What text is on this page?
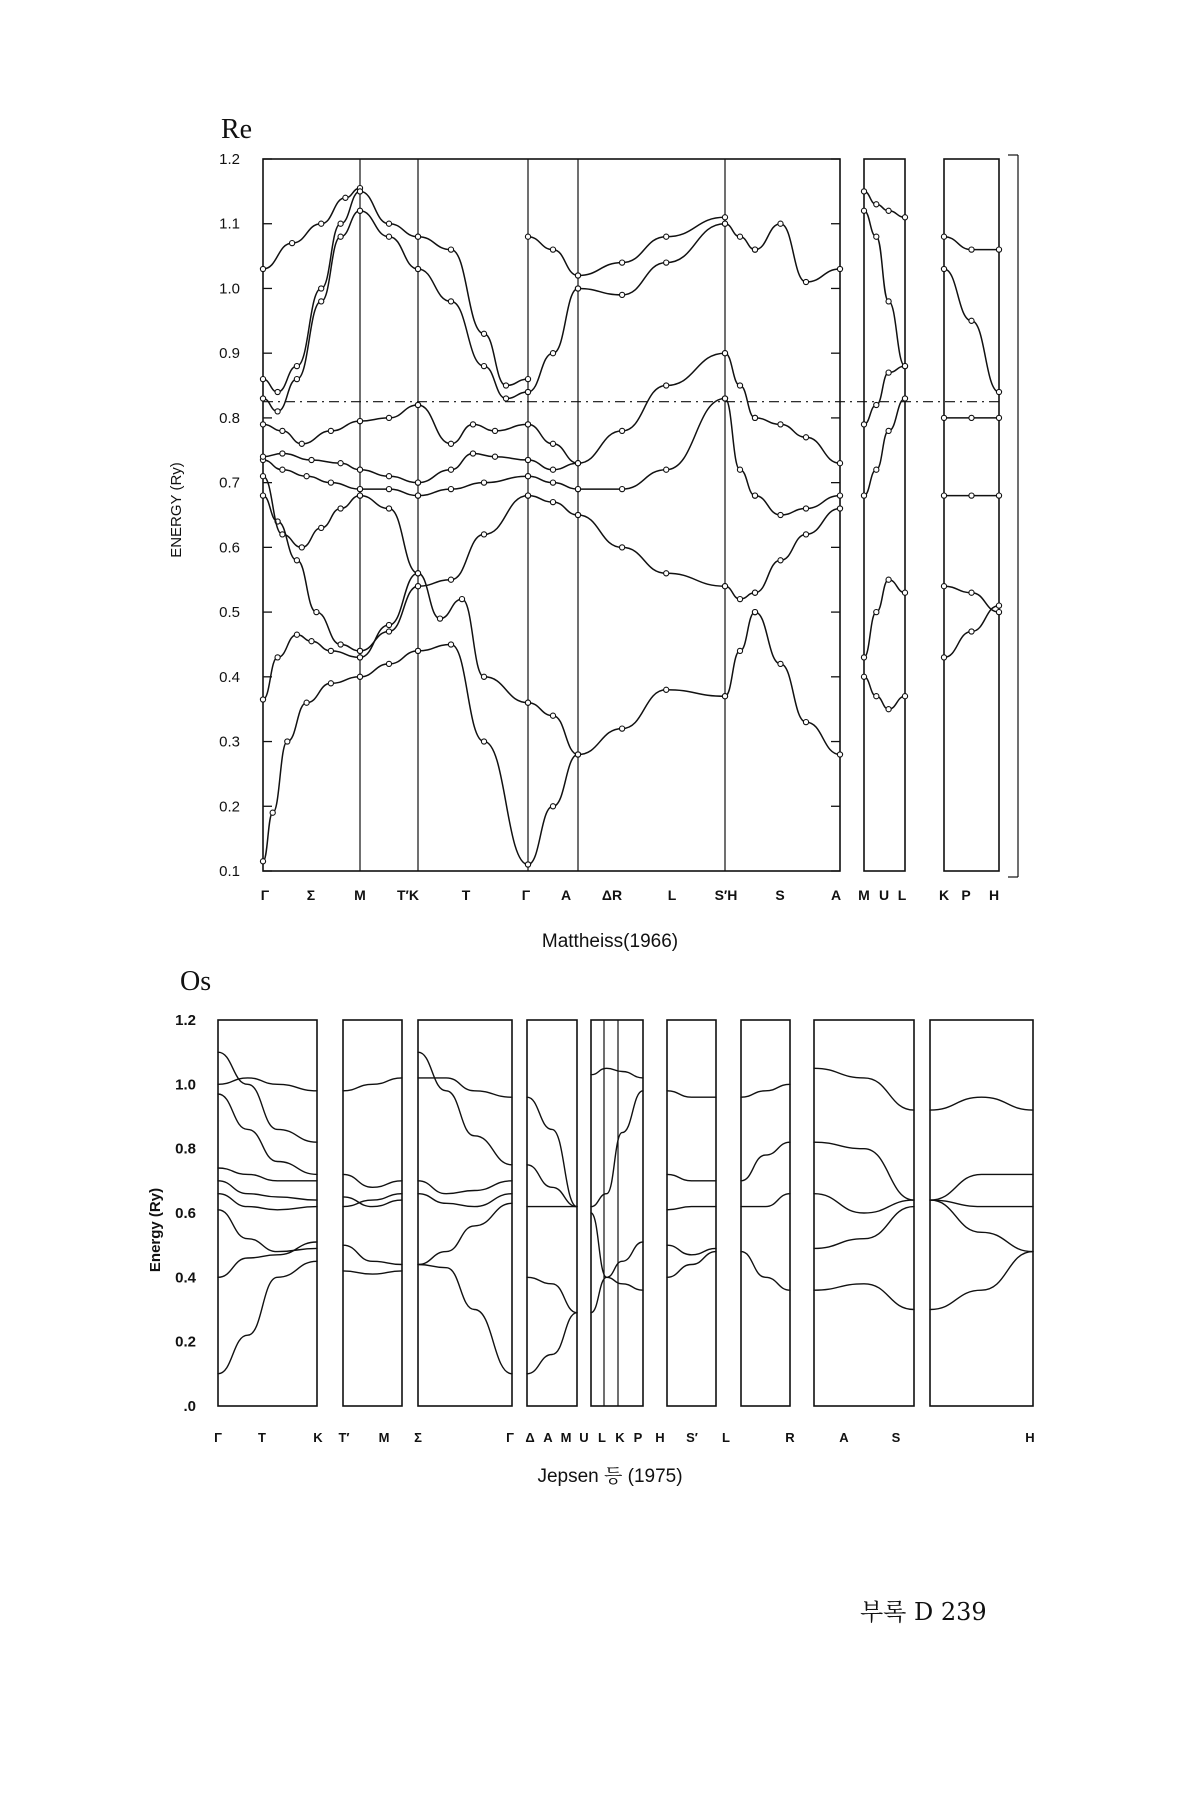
Re
ENERGY (Ry)
Mattheiss(1966)
0.1
0.2
0.3
0.4
0.5
0.6
0.7
0.8
0.9
1.0
1.1
1.2
Γ	Σ	M T′K	T	Γ A ΔR	L	S′H	S	A M U L K P H
Os
Energy (Ry)
Jepsen 등 (1975)
.0
0.2
0.4
0.6
0.8
1.0
1.2
Γ	T	K T′ M Σ	Γ Δ A M U L K P H S′ L	R	A	S	H
부록 D 239
